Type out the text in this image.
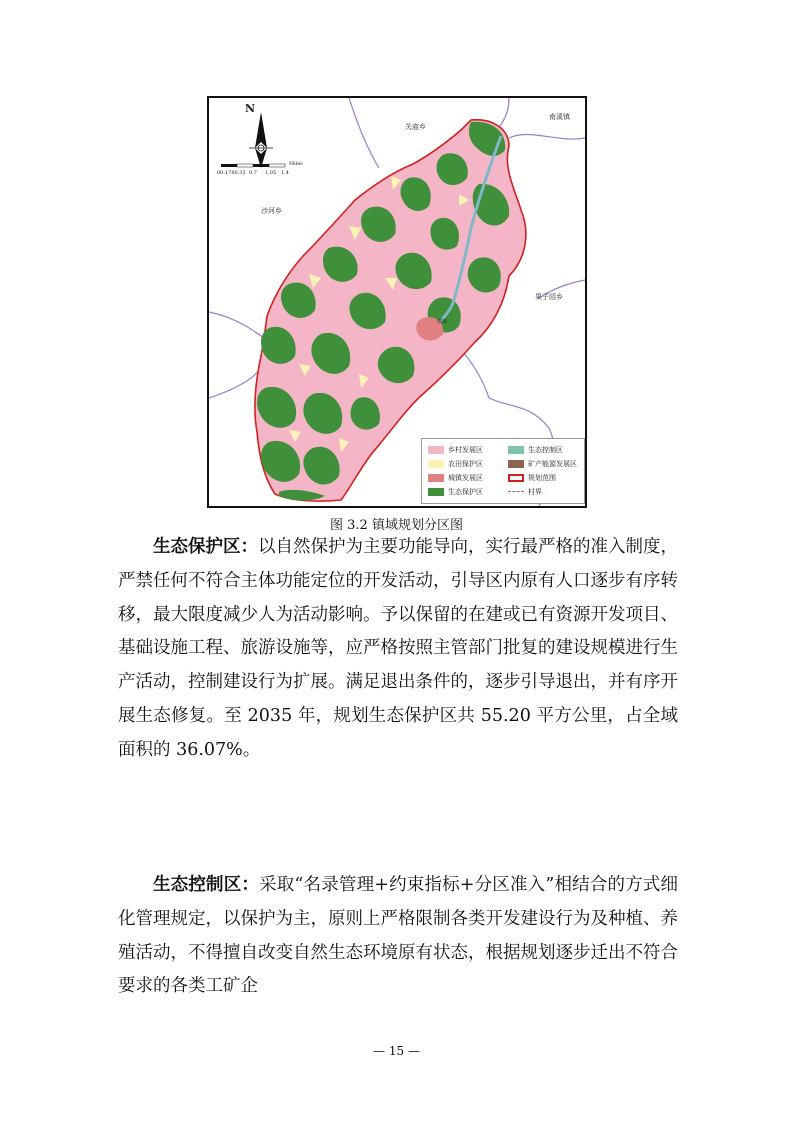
N
00.1780.35 0.7 1.05 1.4
Miles
关庙乡
南溪镇
沙河乡
果子园乡
城镇
乡村发展区	生态控制区
农田保护区	矿产能源发展区
城镇发展区	规划范围
生态保护区	村界
图 3.2 镇域规划分区图

生态保护区：以自然保护为主要功能导向，实行最严格的准入制度，严禁任何不符合主体功能定位的开发活动，引导区内原有人口逐步有序转移，最大限度减少人为活动影响。予以保留的在建或已有资源开发项目、基础设施工程、旅游设施等，应严格按照主管部门批复的建设规模进行生产活动，控制建设行为扩展。满足退出条件的，逐步引导退出，并有序开展生态修复。至 2035 年，规划生态保护区共 55.20 平方公里，占全域面积的 36.07%。

生态控制区：采取“名录管理+约束指标+分区准入”相结合的方式细化管理规定，以保护为主，原则上严格限制各类开发建设行为及种植、养殖活动，不得擅自改变自然生态环境原有状态，根据规划逐步迁出不符合要求的各类工矿企

— 15 —
